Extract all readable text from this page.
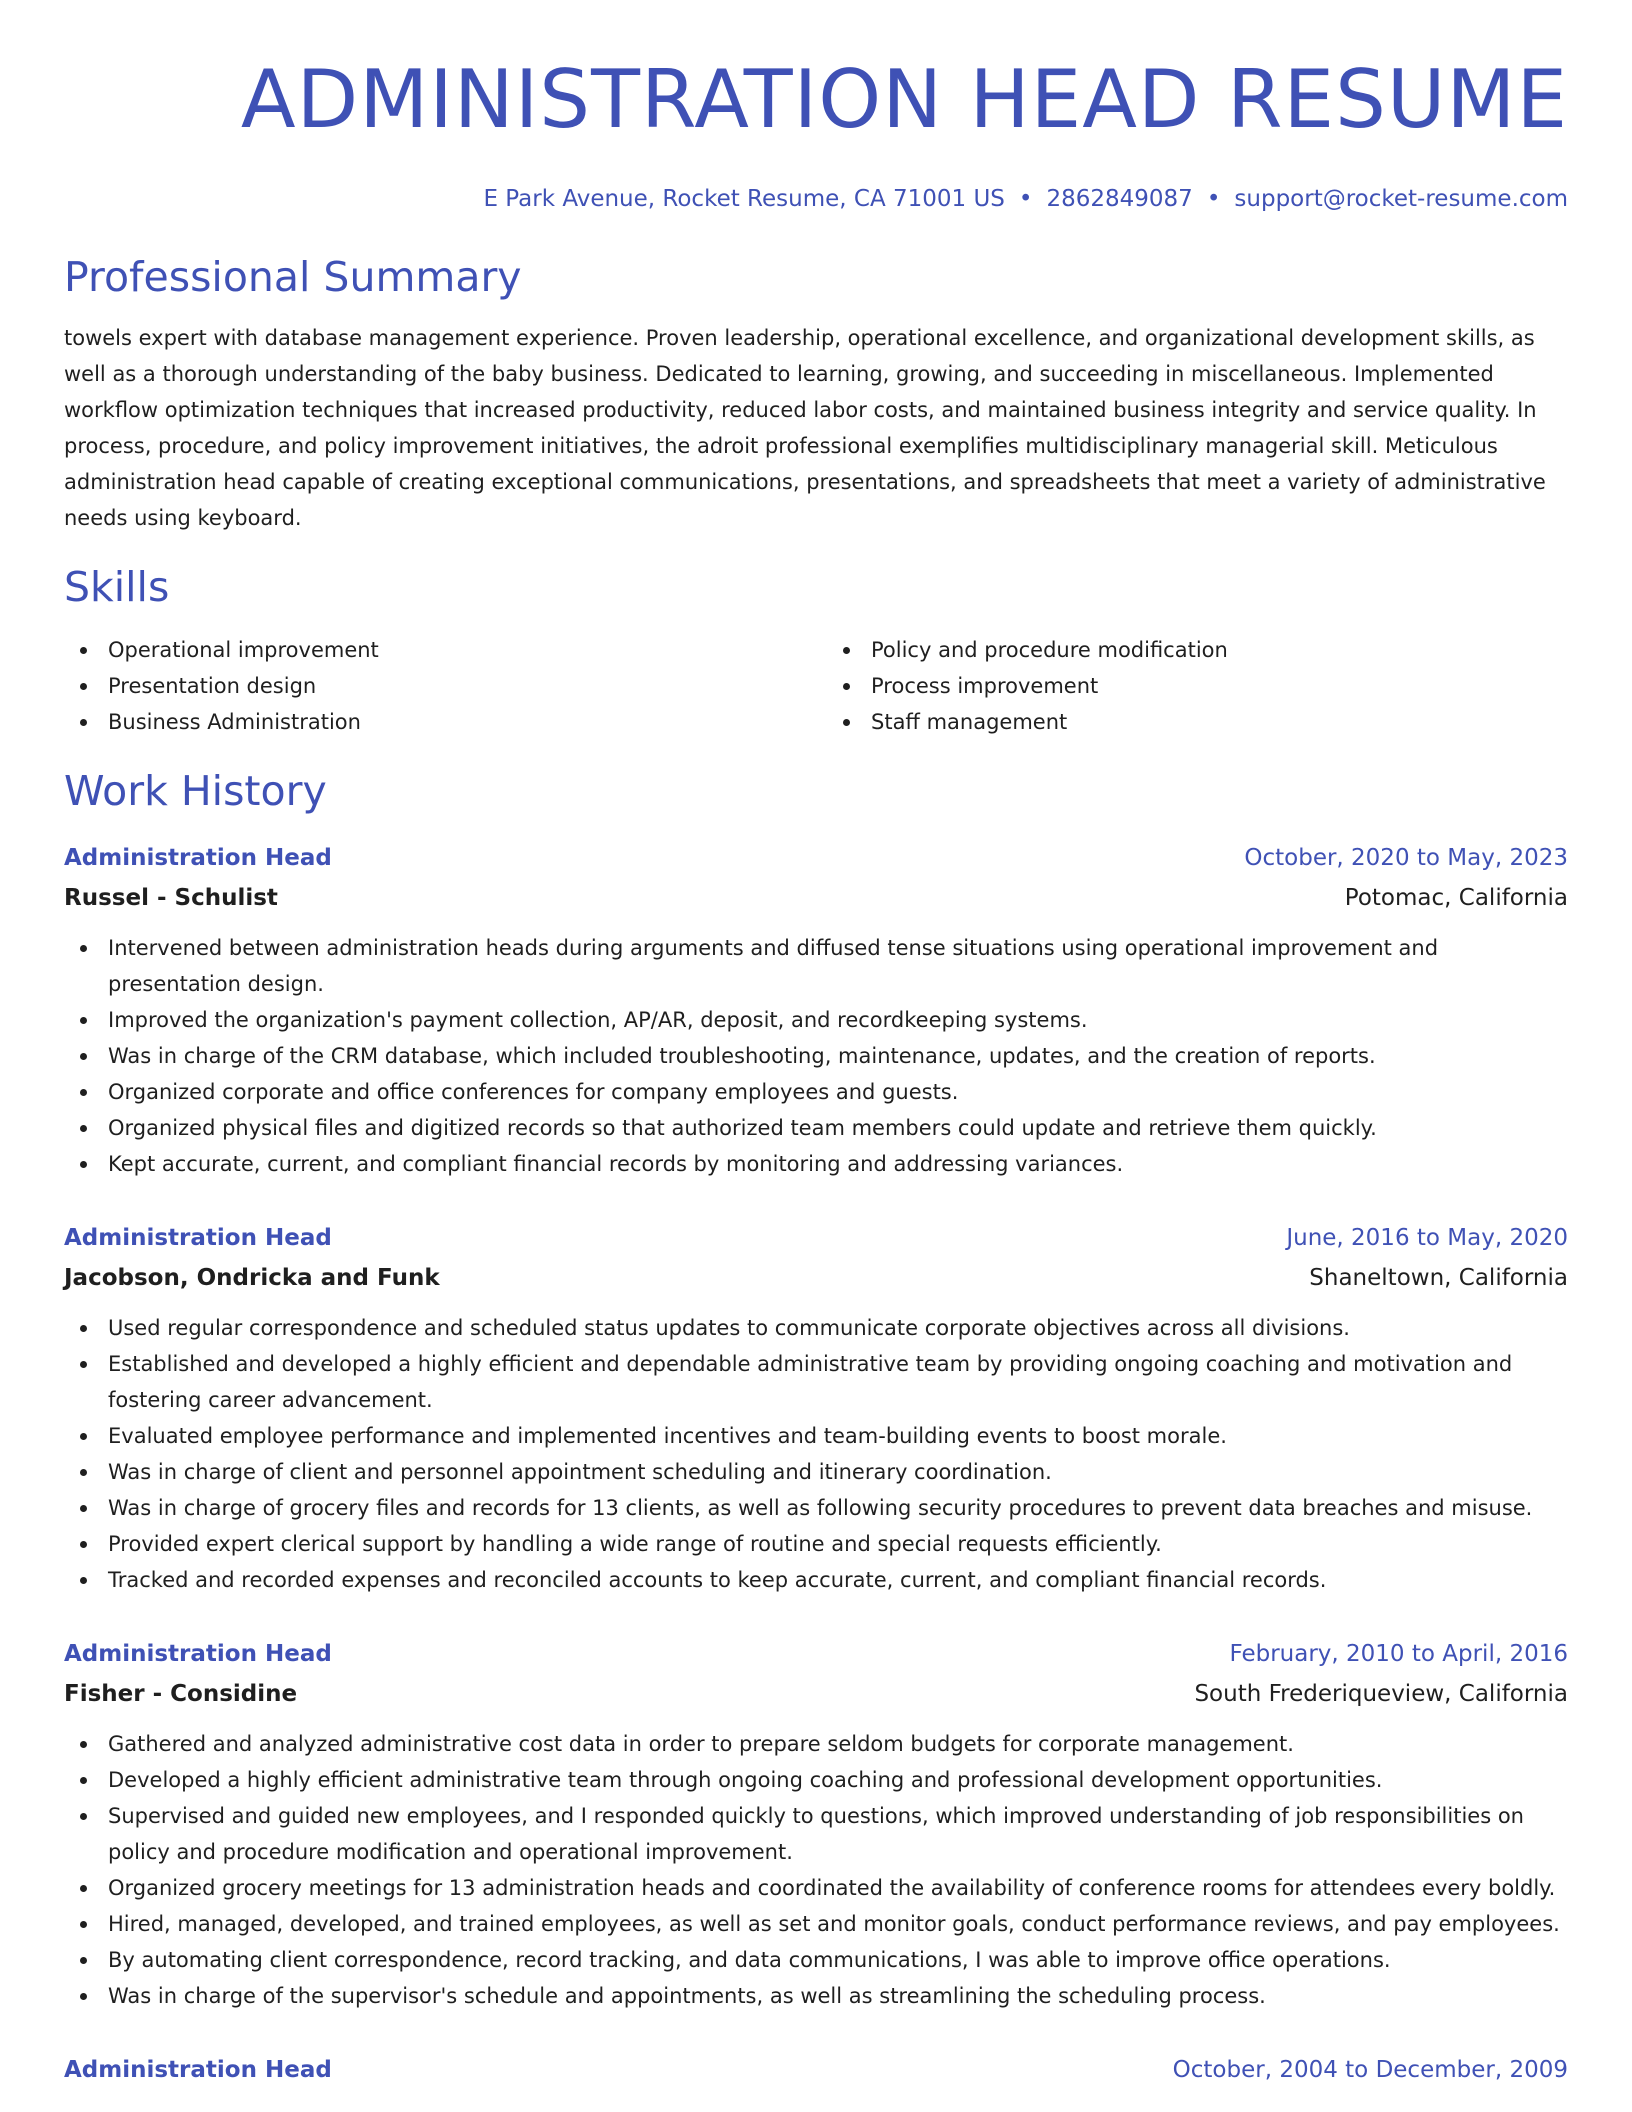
ADMINISTRATION HEAD RESUME
E Park Avenue, Rocket Resume, CA 71001 US • 2862849087 • support@rocket-resume.com
Professional Summary
towels expert with database management experience. Proven leadership, operational excellence, and organizational development skills, as well as a thorough understanding of the baby business. Dedicated to learning, growing, and succeeding in miscellaneous. Implemented workflow optimization techniques that increased productivity, reduced labor costs, and maintained business integrity and service quality. In process, procedure, and policy improvement initiatives, the adroit professional exemplifies multidisciplinary managerial skill. Meticulous administration head capable of creating exceptional communications, presentations, and spreadsheets that meet a variety of administrative needs using keyboard.
Skills
Operational improvement
Presentation design
Business Administration
Policy and procedure modification
Process improvement
Staff management
Work History
Administration Head	October, 2020 to May, 2023
Russel - Schulist	Potomac, California
Intervened between administration heads during arguments and diffused tense situations using operational improvement and presentation design.
Improved the organization's payment collection, AP/AR, deposit, and recordkeeping systems.
Was in charge of the CRM database, which included troubleshooting, maintenance, updates, and the creation of reports.
Organized corporate and office conferences for company employees and guests.
Organized physical files and digitized records so that authorized team members could update and retrieve them quickly.
Kept accurate, current, and compliant financial records by monitoring and addressing variances.
Administration Head	June, 2016 to May, 2020
Jacobson, Ondricka and Funk	Shaneltown, California
Used regular correspondence and scheduled status updates to communicate corporate objectives across all divisions.
Established and developed a highly efficient and dependable administrative team by providing ongoing coaching and motivation and fostering career advancement.
Evaluated employee performance and implemented incentives and team-building events to boost morale.
Was in charge of client and personnel appointment scheduling and itinerary coordination.
Was in charge of grocery files and records for 13 clients, as well as following security procedures to prevent data breaches and misuse.
Provided expert clerical support by handling a wide range of routine and special requests efficiently.
Tracked and recorded expenses and reconciled accounts to keep accurate, current, and compliant financial records.
Administration Head	February, 2010 to April, 2016
Fisher - Considine	South Frederiqueview, California
Gathered and analyzed administrative cost data in order to prepare seldom budgets for corporate management.
Developed a highly efficient administrative team through ongoing coaching and professional development opportunities.
Supervised and guided new employees, and I responded quickly to questions, which improved understanding of job responsibilities on policy and procedure modification and operational improvement.
Organized grocery meetings for 13 administration heads and coordinated the availability of conference rooms for attendees every boldly.
Hired, managed, developed, and trained employees, as well as set and monitor goals, conduct performance reviews, and pay employees.
By automating client correspondence, record tracking, and data communications, I was able to improve office operations.
Was in charge of the supervisor's schedule and appointments, as well as streamlining the scheduling process.
Administration Head	October, 2004 to December, 2009
